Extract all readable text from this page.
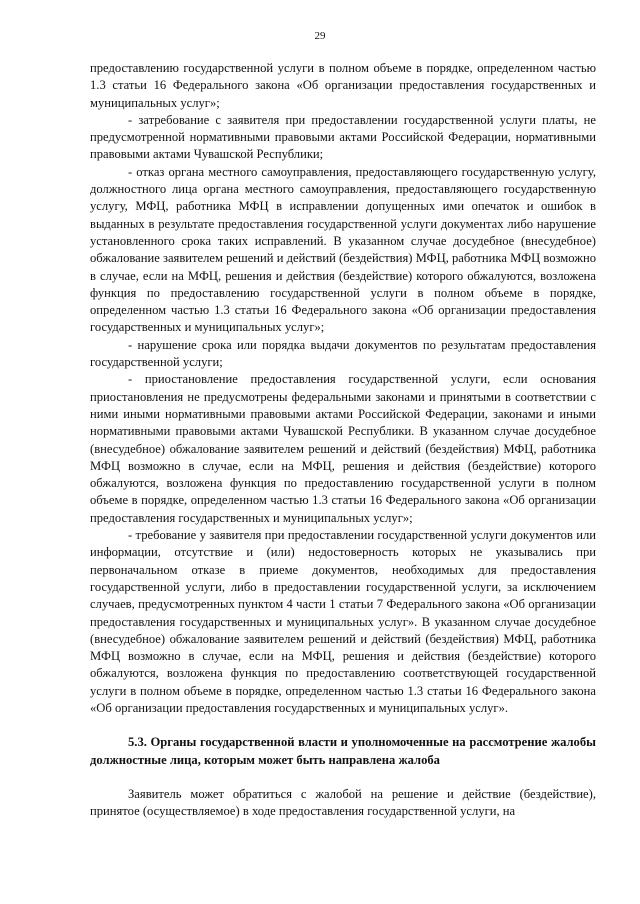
29

предоставлению государственной услуги в полном объеме в порядке, определенном частью 1.3 статьи 16 Федерального закона «Об организации предоставления государственных и муниципальных услуг»;

- затребование с заявителя при предоставлении государственной услуги платы, не предусмотренной нормативными правовыми актами Российской Федерации, нормативными правовыми актами Чувашской Республики;

- отказ органа местного самоуправления, предоставляющего государственную услугу, должностного лица органа местного самоуправления, предоставляющего государственную услугу, МФЦ, работника МФЦ в исправлении допущенных ими опечаток и ошибок в выданных в результате предоставления государственной услуги документах либо нарушение установленного срока таких исправлений. В указанном случае досудебное (внесудебное) обжалование заявителем решений и действий (бездействия) МФЦ, работника МФЦ возможно в случае, если на МФЦ, решения и действия (бездействие) которого обжалуются, возложена функция по предоставлению государственной услуги в полном объеме в порядке, определенном частью 1.3 статьи 16 Федерального закона «Об организации предоставления государственных и муниципальных услуг»;

- нарушение срока или порядка выдачи документов по результатам предоставления государственной услуги;

- приостановление предоставления государственной услуги, если основания приостановления не предусмотрены федеральными законами и принятыми в соответствии с ними иными нормативными правовыми актами Российской Федерации, законами и иными нормативными правовыми актами Чувашской Республики. В указанном случае досудебное (внесудебное) обжалование заявителем решений и действий (бездействия) МФЦ, работника МФЦ возможно в случае, если на МФЦ, решения и действия (бездействие) которого обжалуются, возложена функция по предоставлению государственной услуги в полном объеме в порядке, определенном частью 1.3 статьи 16 Федерального закона «Об организации предоставления государственных и муниципальных услуг»;

- требование у заявителя при предоставлении государственной услуги документов или информации, отсутствие и (или) недостоверность которых не указывались при первоначальном отказе в приеме документов, необходимых для предоставления государственной услуги, либо в предоставлении государственной услуги, за исключением случаев, предусмотренных пунктом 4 части 1 статьи 7 Федерального закона «Об организации предоставления государственных и муниципальных услуг». В указанном случае досудебное (внесудебное) обжалование заявителем решений и действий (бездействия) МФЦ, работника МФЦ возможно в случае, если на МФЦ, решения и действия (бездействие) которого обжалуются, возложена функция по предоставлению соответствующей государственной услуги в полном объеме в порядке, определенном частью 1.3 статьи 16 Федерального закона «Об организации предоставления государственных и муниципальных услуг».

5.3. Органы государственной власти и уполномоченные на рассмотрение жалобы должностные лица, которым может быть направлена жалоба

Заявитель может обратиться с жалобой на решение и действие (бездействие), принятое (осуществляемое) в ходе предоставления государственной услуги, на
